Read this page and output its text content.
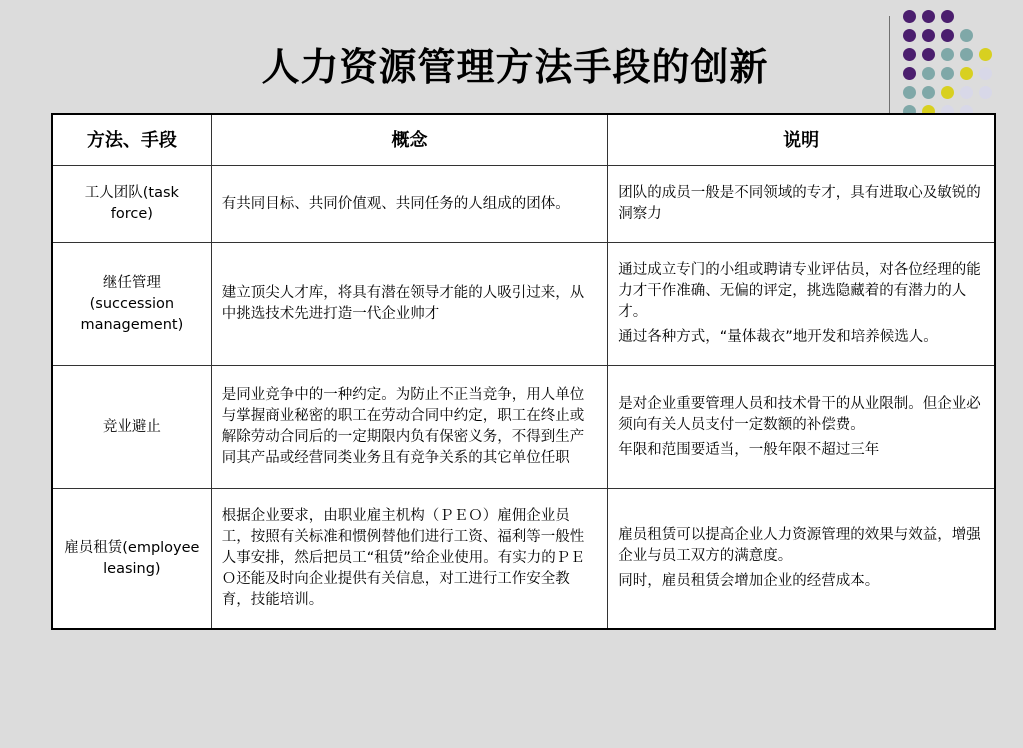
人力资源管理方法手段的创新
方法、手段	概念	说明
工人团队(task force)	有共同目标、共同价值观、共同任务的人组成的团体。	团队的成员一般是不同领域的专才，具有进取心及敏锐的洞察力

继任管理(succession management)	建立顶尖人才库，将具有潜在领导才能的人吸引过来，从中挑选技术先进打造一代企业帅才	通过成立专门的小组或聘请专业评估员，对各位经理的能力才干作准确、无偏的评定，挑选隐藏着的有潜力的人才。

通过各种方式，“量体裁衣”地开发和培养候选人。

竞业避止	是同业竞争中的一种约定。为防止不正当竞争，用人单位与掌握商业秘密的职工在劳动合同中约定，职工在终止或解除劳动合同后的一定期限内负有保密义务，不得到生产同其产品或经营同类业务且有竞争关系的其它单位任职	是对企业重要管理人员和技术骨干的从业限制。但企业必须向有关人员支付一定数额的补偿费。

年限和范围要适当，一般年限不超过三年

雇员租赁(employee leasing)	根据企业要求，由职业雇主机构（ＰＥＯ）雇佣企业员工，按照有关标准和惯例替他们进行工资、福利等一般性人事安排，然后把员工“租赁”给企业使用。有实力的ＰＥＯ还能及时向企业提供有关信息，对工进行工作安全教育，技能培训。	雇员租赁可以提高企业人力资源管理的效果与效益，增强企业与员工双方的满意度。

同时，雇员租赁会增加企业的经营成本。
